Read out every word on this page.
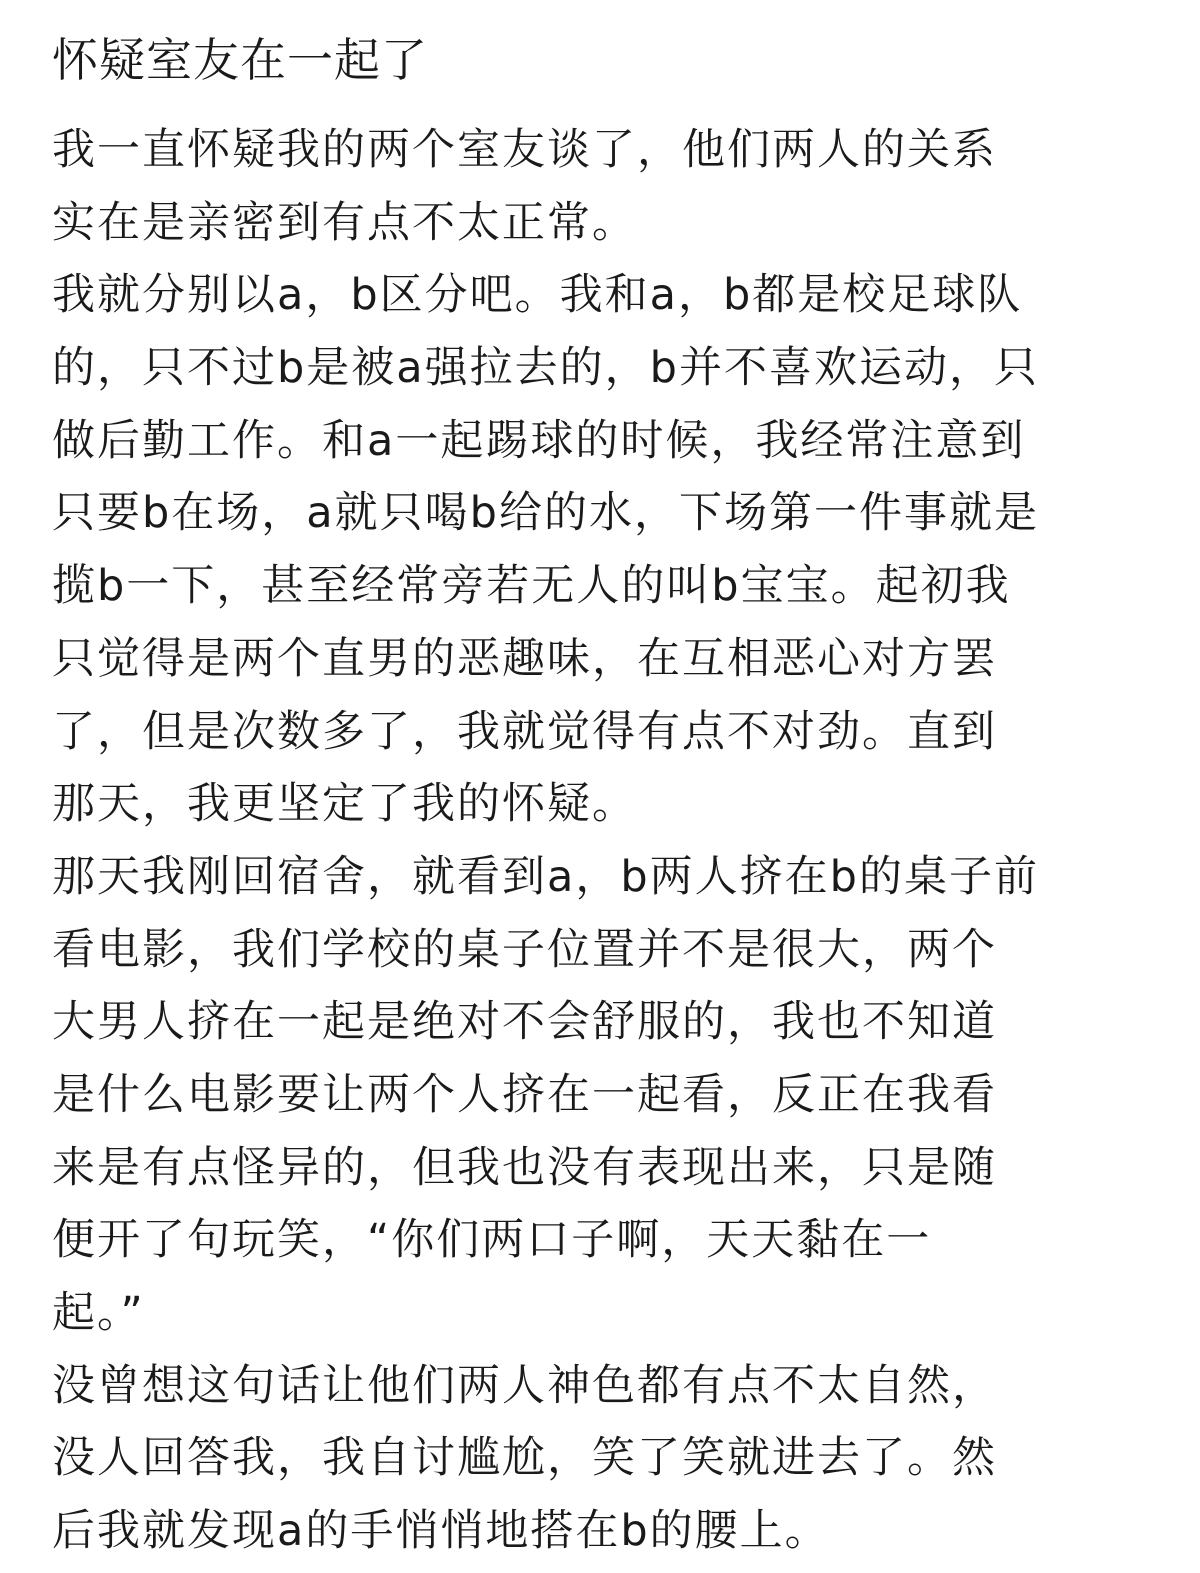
怀疑室友在一起了
我一直怀疑我的两个室友谈了，他们两人的关系
实在是亲密到有点不太正常。
我就分别以a，b区分吧。我和a，b都是校足球队
的，只不过b是被a强拉去的，b并不喜欢运动，只
做后勤工作。和a一起踢球的时候，我经常注意到
只要b在场，a就只喝b给的水，下场第一件事就是
揽b一下，甚至经常旁若无人的叫b宝宝。起初我
只觉得是两个直男的恶趣味，在互相恶心对方罢
了，但是次数多了，我就觉得有点不对劲。直到
那天，我更坚定了我的怀疑。
那天我刚回宿舍，就看到a，b两人挤在b的桌子前
看电影，我们学校的桌子位置并不是很大，两个
大男人挤在一起是绝对不会舒服的，我也不知道
是什么电影要让两个人挤在一起看，反正在我看
来是有点怪异的，但我也没有表现出来，只是随
便开了句玩笑，“你们两口子啊，天天黏在一
起。”
没曾想这句话让他们两人神色都有点不太自然，
没人回答我，我自讨尴尬，笑了笑就进去了。然
后我就发现a的手悄悄地搭在b的腰上。
